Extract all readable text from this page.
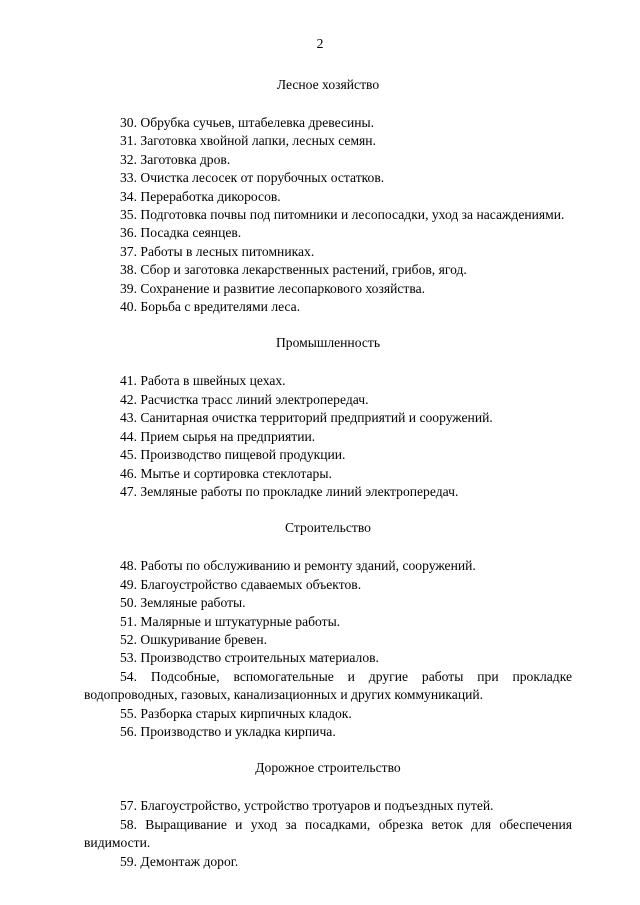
2

Лесное хозяйство

30. Обрубка сучьев, штабелевка древесины.
31. Заготовка хвойной лапки, лесных семян.
32. Заготовка дров.
33. Очистка лесосек от порубочных остатков.
34. Переработка дикоросов.
35. Подготовка почвы под питомники и лесопосадки, уход за насаждениями.
36. Посадка сеянцев.
37. Работы в лесных питомниках.
38. Сбор и заготовка лекарственных растений, грибов, ягод.
39. Сохранение и развитие лесопаркового хозяйства.
40. Борьба с вредителями леса.

Промышленность

41. Работа в швейных цехах.
42. Расчистка трасс линий электропередач.
43. Санитарная очистка территорий предприятий и сооружений.
44. Прием сырья на предприятии.
45. Производство пищевой продукции.
46. Мытье и сортировка стеклотары.
47. Земляные работы по прокладке линий электропередач.

Строительство

48. Работы по обслуживанию и ремонту зданий, сооружений.
49. Благоустройство сдаваемых объектов.
50. Земляные работы.
51. Малярные и штукатурные работы.
52. Ошкуривание бревен.
53. Производство строительных материалов.
54. Подсобные, вспомогательные и другие работы при прокладке водопроводных, газовых, канализационных и других коммуникаций.
55. Разборка старых кирпичных кладок.
56. Производство и укладка кирпича.

Дорожное строительство

57. Благоустройство, устройство тротуаров и подъездных путей.
58. Выращивание и уход за посадками, обрезка веток для обеспечения видимости.
59. Демонтаж дорог.
